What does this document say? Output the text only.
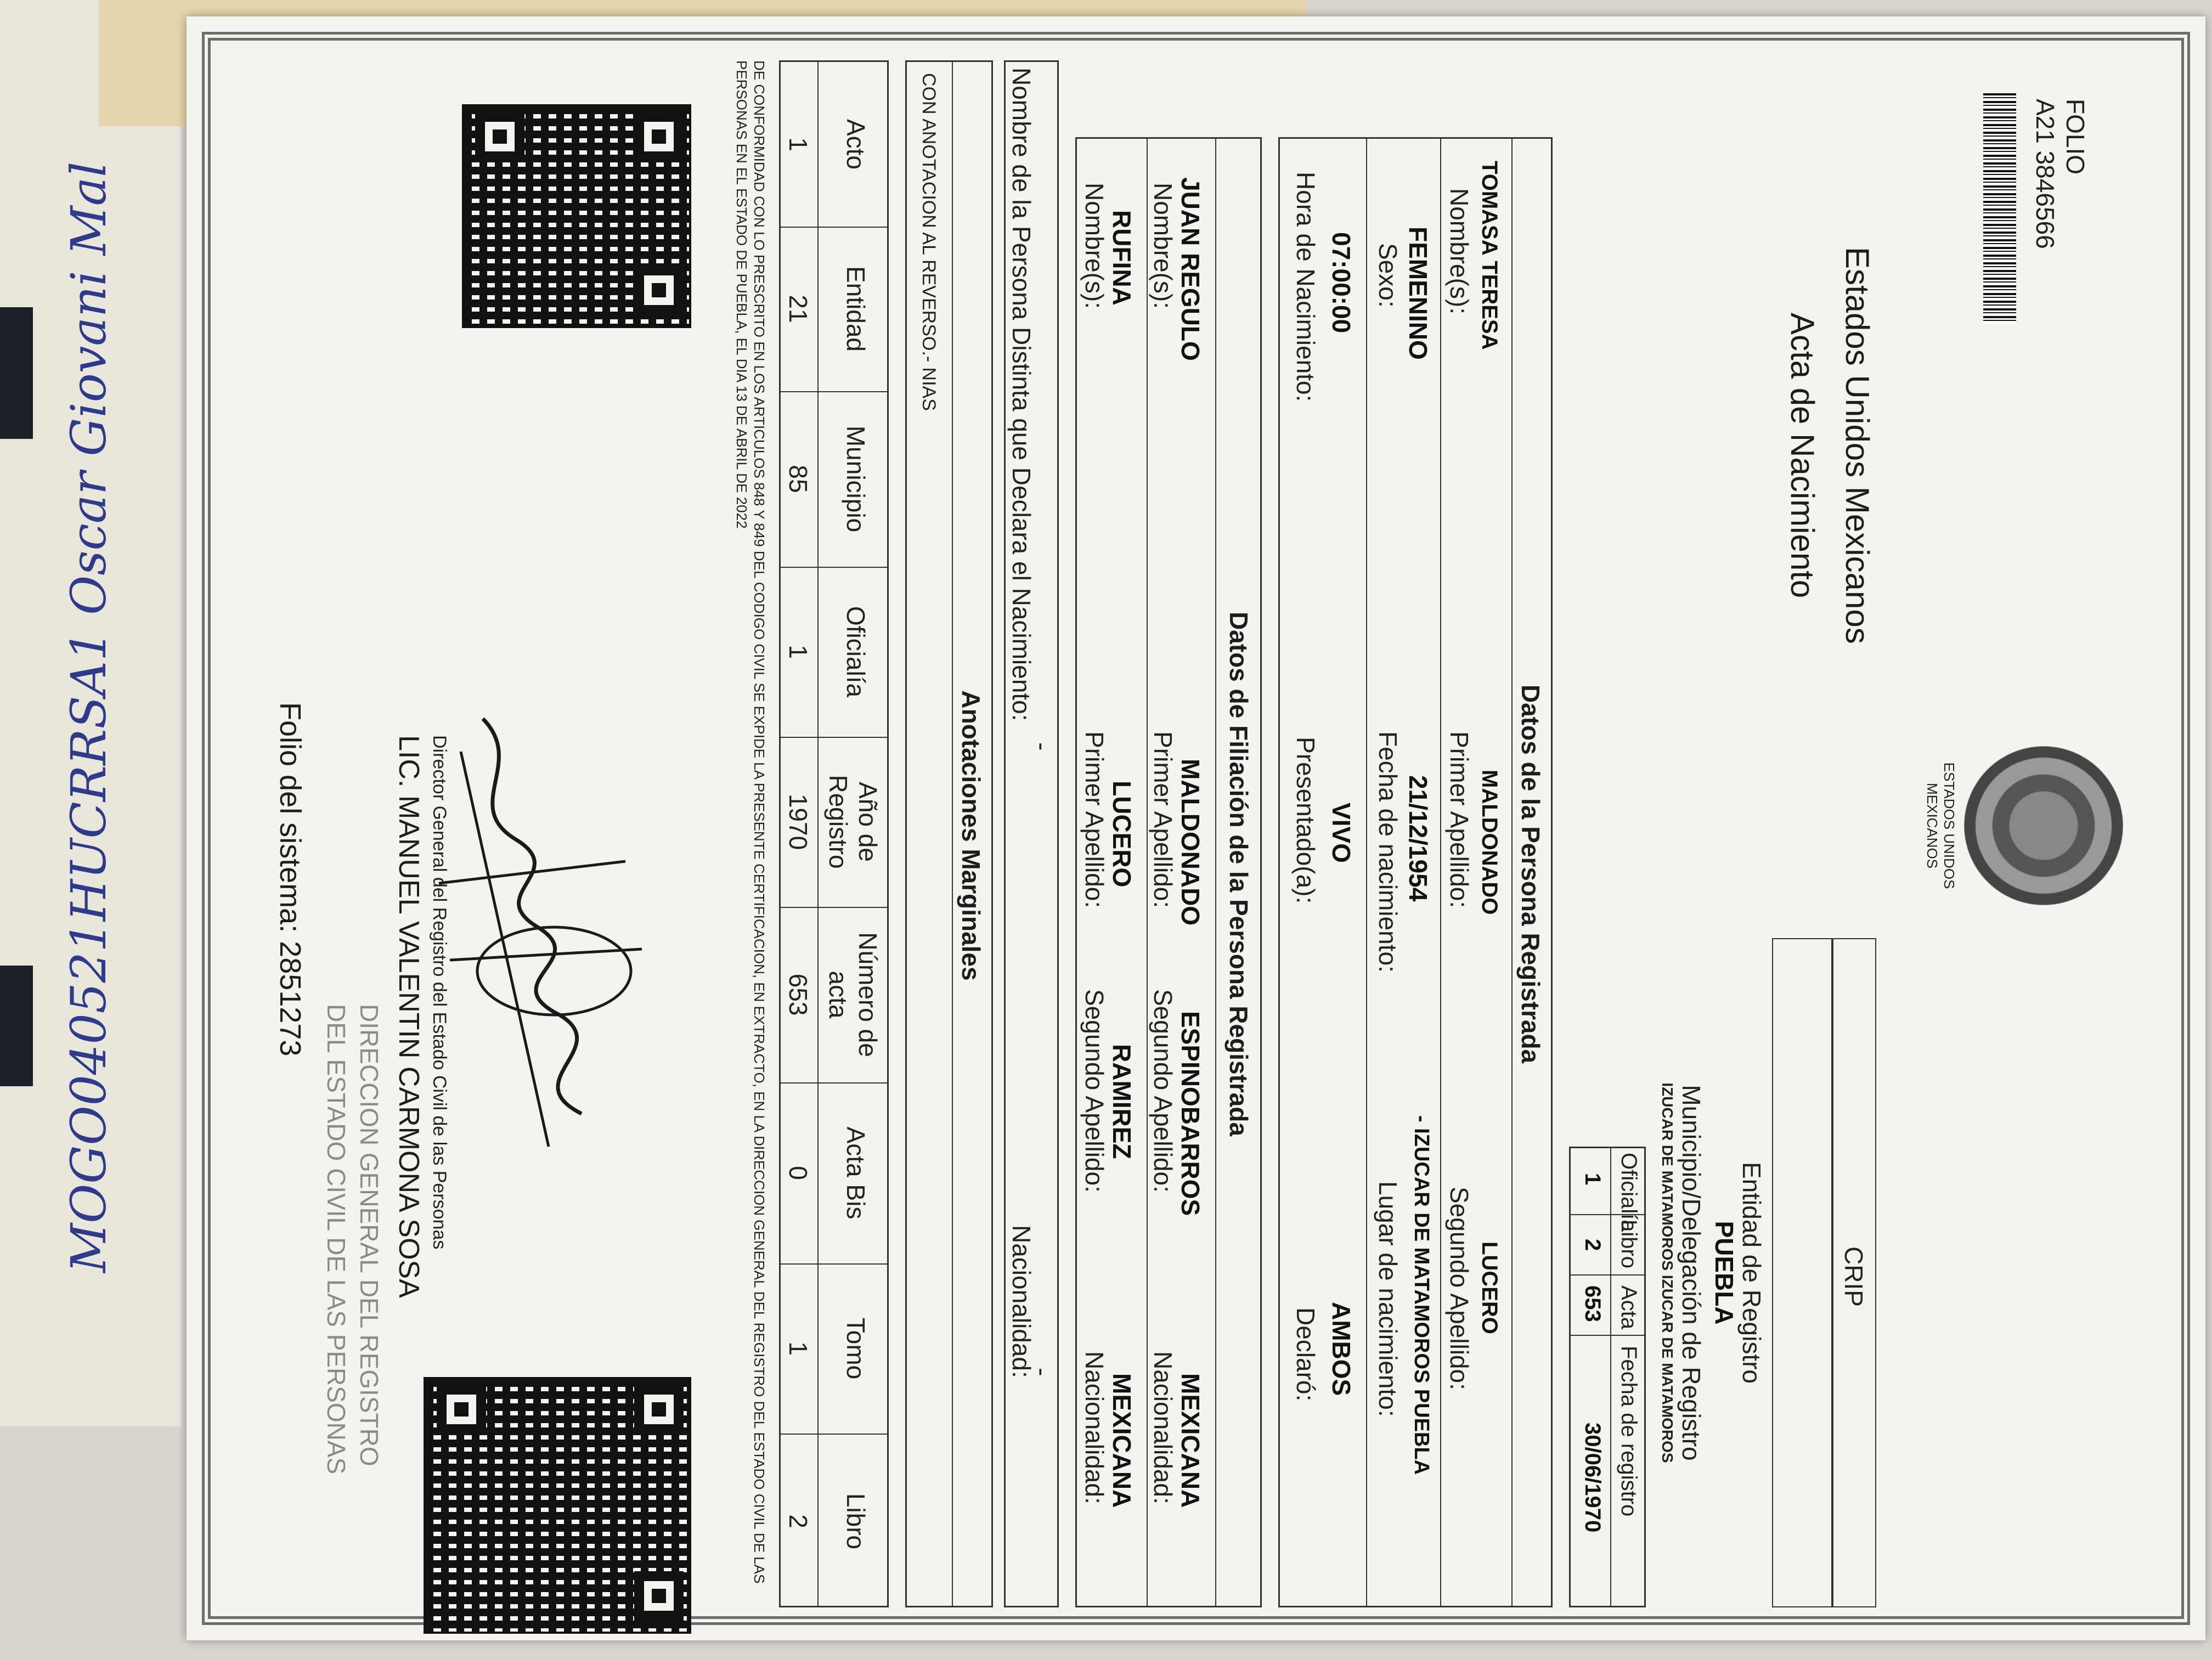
MOGO040521HUCRRSA1 Oscar Giovani Mal
FOLIO
A21 3846566
ESTADOS UNIDOS MEXICANOS
Estados Unidos Mexicanos
Acta de Nacimiento
CRIP
Entidad de Registro
PUEBLA
Municipio/Delegación de Registro
IZUCAR DE MATAMOROS IZUCAR DE MATAMOROS
Oficialía
Libro
Acta
Fecha de registro
1
2
653
30/06/1970
Datos de la Persona Registrada
TOMASA TERESA
Nombre(s):
MALDONADO
Primer Apellido:
LUCERO
Segundo Apellido:
FEMENINO
Sexo:
21/12/1954
Fecha de nacimiento:
- IZUCAR DE MATAMOROS PUEBLA
Lugar de nacimiento:
07:00:00
Hora de Nacimiento:
VIVO
Presentado(a):
AMBOS
Declaró:
Datos de Filiación de la Persona Registrada
JUAN REGULO
Nombre(s):
MALDONADO
Primer Apellido:
ESPINOBARROS
Segundo Apellido:
MEXICANA
Nacionalidad:
RUFINA
Nombre(s):
LUCERO
Primer Apellido:
RAMIREZ
Segundo Apellido:
MEXICANA
Nacionalidad:
Nombre de la Persona Distinta que Declara el Nacimiento:
-
Nacionalidad:
-
Anotaciones Marginales
CON ANOTACION AL REVERSO.- NIAS
Acto
Entidad
Municipio
Oficialía
Año de Registro
Número de acta
Acta Bis
Tomo
Libro
1
21
85
1
1970
653
0
1
2
DE CONFORMIDAD CON LO PRESCRITO EN LOS ARTICULOS 848 Y 849 DEL CODIGO CIVIL SE EXPIDE LA PRESENTE CERTIFICACION, EN EXTRACTO, EN LA DIRECCION GENERAL DEL REGISTRO DEL ESTADO CIVIL DE LAS PERSONAS EN EL ESTADO DE PUEBLA, EL DIA 13 DE ABRIL DE 2022
Director General del Registro del Estado Civil de las Personas
LIC. MANUEL VALENTIN CARMONA SOSA
DIRECCION GENERAL DEL REGISTRO
DEL ESTADO CIVIL DE LAS PERSONAS
Folio del sistema: 2851273
